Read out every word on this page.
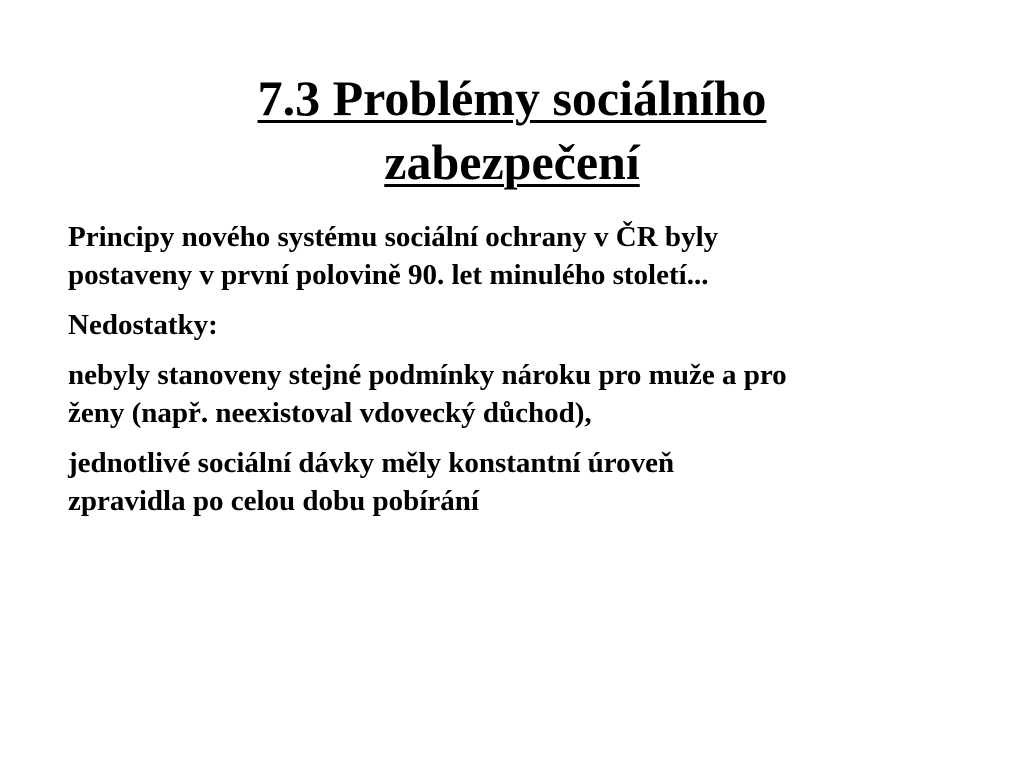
7.3 Problémy sociálního
zabezpečení

Principy nového systému sociální ochrany v ČR byly
postaveny v první polovině 90. let minulého století...

Nedostatky:

nebyly stanoveny stejné podmínky nároku pro muže a pro
ženy (např. neexistoval vdovecký důchod),

jednotlivé sociální dávky měly konstantní úroveň
zpravidla po celou dobu pobírání
